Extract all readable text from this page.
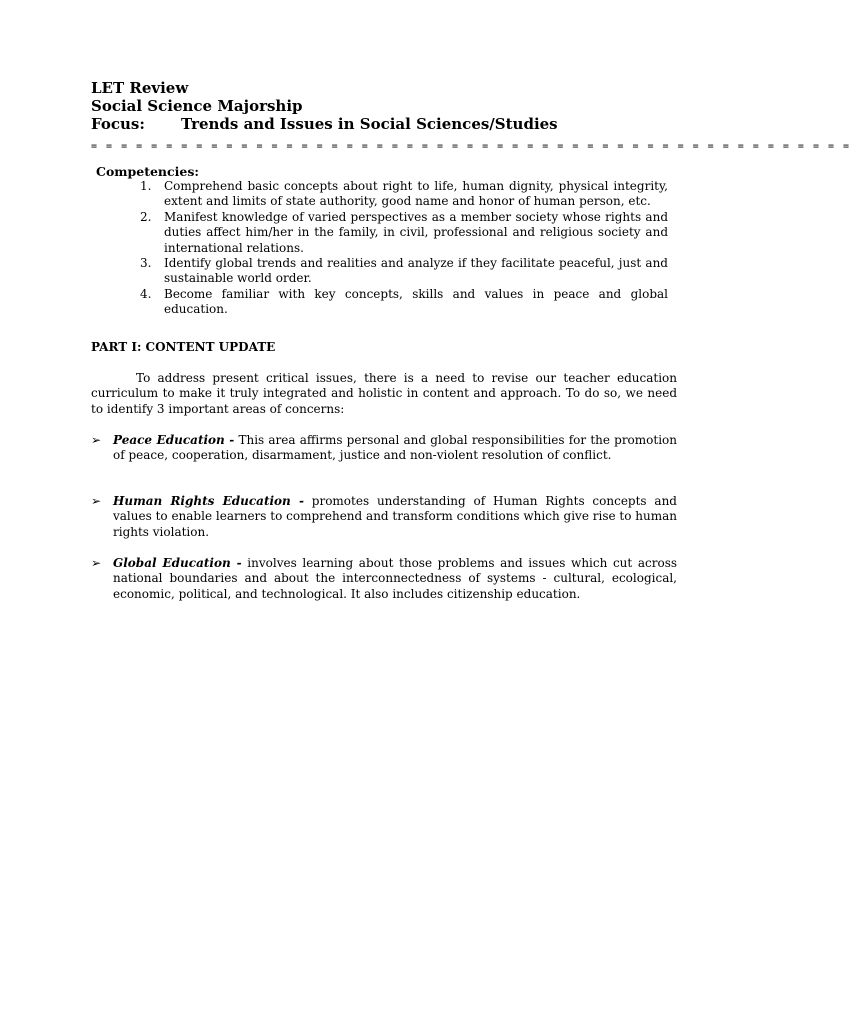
LET Review
Social Science Majorship
Focus: Trends and Issues in Social Sciences/Studies
= = = = = = = = = = = = = = = = = = = = = = = = = = = = = = = = = = = = = = = = = = = = = = = = = = =
Competencies:
1. Comprehend basic concepts about right to life, human dignity, physical integrity, extent and limits of state authority, good name and honor of human person, etc.
2. Manifest knowledge of varied perspectives as a member society whose rights and duties affect him/her in the family, in civil, professional and religious society and international relations.
3. Identify global trends and realities and analyze if they facilitate peaceful, just and sustainable world order.
4. Become familiar with key concepts, skills and values in peace and global education.
PART I: CONTENT UPDATE

To address present critical issues, there is a need to revise our teacher education curriculum to make it truly integrated and holistic in content and approach. To do so, we need to identify 3 important areas of concerns:

➢ Peace Education - This area affirms personal and global responsibilities for the promotion of peace, cooperation, disarmament, justice and non-violent resolution of conflict.

➢ Human Rights Education - promotes understanding of Human Rights concepts and values to enable learners to comprehend and transform conditions which give rise to human rights violation.

➢ Global Education - involves learning about those problems and issues which cut across national boundaries and about the interconnectedness of systems - cultural, ecological, economic, political, and technological. It also includes citizenship education.
